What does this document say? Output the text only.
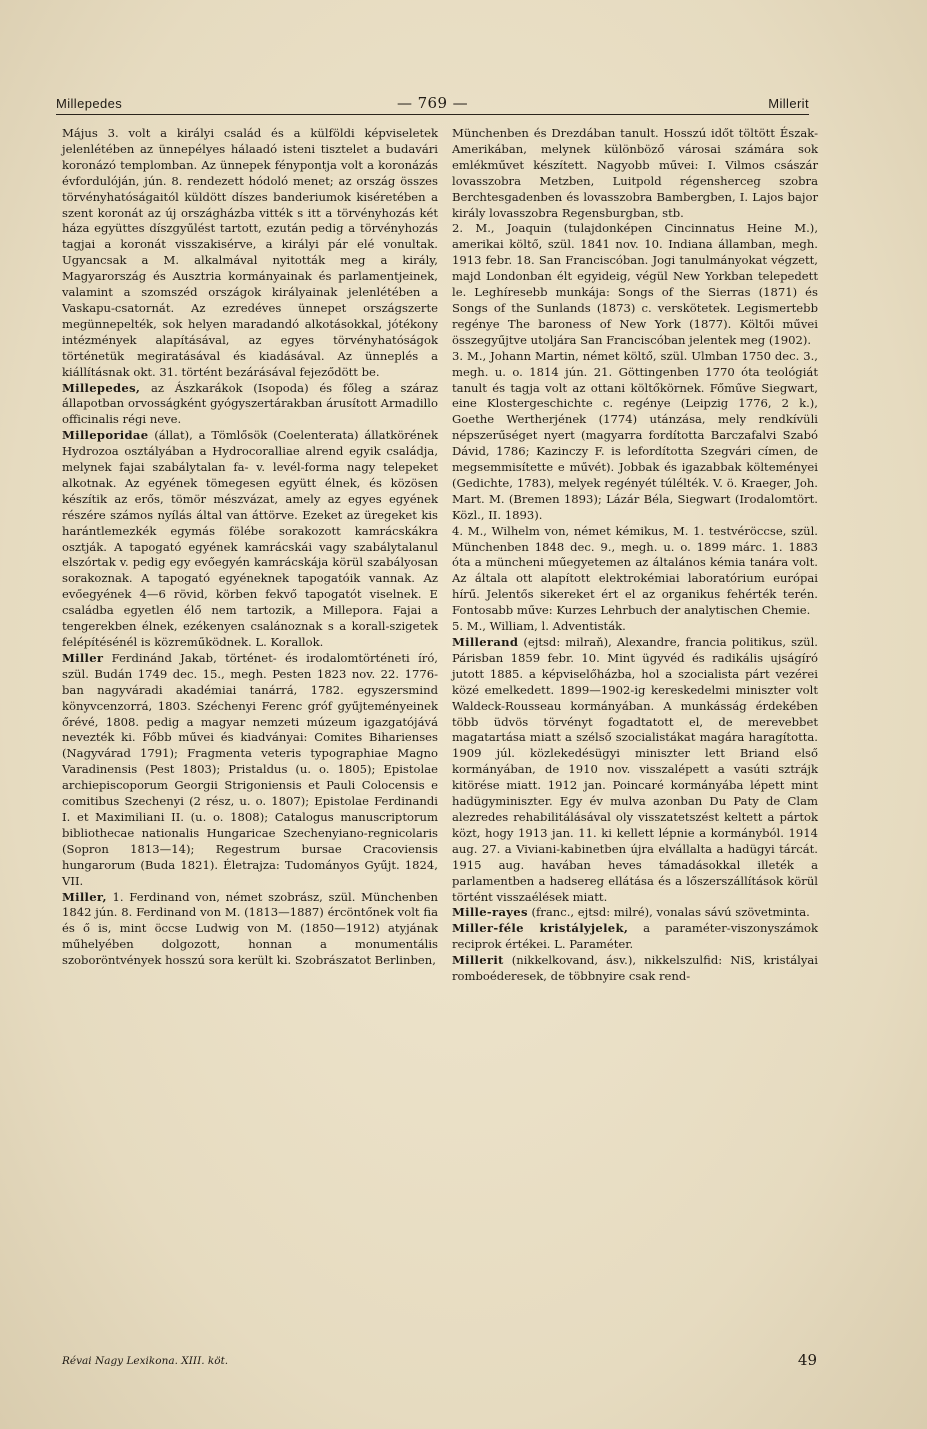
Millepedes	— 769 —	Millerit

Május 3. volt a királyi család és a külföldi képviseletek jelenlétében az ünnepélyes hálaadó isteni tisztelet a budavári koronázó templomban. Az ünnepek fénypontja volt a koronázás évfordulóján, jún. 8. rendezett hódoló menet; az ország összes törvényhatóságaitól küldött díszes banderiumok kiséretében a szent koronát az új országházba vitték s itt a törvényhozás két háza együttes díszgyűlést tartott, ezután pedig a törvényhozás tagjai a koronát visszakisérve, a királyi pár elé vonultak. Ugyancsak a M. alkalmával nyitották meg a király, Magyarország és Ausztria kormányainak és parlamentjeinek, valamint a szomszéd országok királyainak jelenlétében a Vaskapu-csatornát. Az ezredéves ünnepet országszerte megünnepelték, sok helyen maradandó alkotásokkal, jótékony intézmények alapításával, az egyes törvényhatóságok történetük megiratásával és kiadásával. Az ünneplés a kiállításnak okt. 31. történt bezárásával fejeződött be.

Millepedes, az Ászkarákok (Isopoda) és főleg a száraz állapotban orvosságként gyógyszertárakban árusított Armadillo officinalis régi neve.

Milleporidae (állat), a Tömlősök (Coelenterata) állatkörének Hydrozoa osztályában a Hydrocoralliae alrend egyik családja, melynek fajai szabálytalan fa- v. levél-forma nagy telepeket alkotnak. Az egyének tömegesen együtt élnek, és közösen készítik az erős, tömör mészvázat, amely az egyes egyének részére számos nyílás által van áttörve. Ezeket az üregeket kis harántlemezkék egymás fölébe sorakozott kamrácskákra osztják. A tapogató egyének kamrácskái vagy szabálytalanul elszórtak v. pedig egy evőegyén kamrácskája körül szabályosan sorakoznak. A tapogató egyéneknek tapogatóik vannak. Az evőegyének 4—6 rövid, körben fekvő tapogatót viselnek. E családba egyetlen élő nem tartozik, a Millepora. Fajai a tengerekben élnek, ezékenyen csalánoznak s a korall-szigetek felépítésénél is közreműködnek. L. Korallok.

Miller Ferdinánd Jakab, történet- és irodalomtörténeti író, szül. Budán 1749 dec. 15., megh. Pesten 1823 nov. 22. 1776-ban nagyváradi akadémiai tanárrá, 1782. egyszersmind könyvcenzorrá, 1803. Széchenyi Ferenc gróf gyűjteményeinek őrévé, 1808. pedig a magyar nemzeti múzeum igazgatójává nevezték ki. Főbb művei és kiadványai: Comites Biharienses (Nagyvárad 1791); Fragmenta veteris typographiae Magno Varadinensis (Pest 1803); Pristaldus (u. o. 1805); Epistolae archiepiscoporum Georgii Strigoniensis et Pauli Colocensis e comitibus Szechenyi (2 rész, u. o. 1807); Epistolae Ferdinandi I. et Maximiliani II. (u. o. 1808); Catalogus manuscriptorum bibliothecae nationalis Hungaricae Szechenyiano-regnicolaris (Sopron 1813—14); Regestrum bursae Cracoviensis hungarorum (Buda 1821). Életrajza: Tudományos Gyűjt. 1824, VII.

Miller, 1. Ferdinand von, német szobrász, szül. Münchenben 1842 jún. 8. Ferdinand von M. (1813—1887) ércöntőnek volt fia és ő is, mint öccse Ludwig von M. (1850—1912) atyjának műhelyében dolgozott, honnan a monumentális szoboröntvények hosszú sora került ki. Szobrászatot Berlinben,

Münchenben és Drezdában tanult. Hosszú időt töltött Észak-Amerikában, melynek különböző városai számára sok emlékművet készített. Nagyobb művei: I. Vilmos császár lovasszobra Metzben, Luitpold régensherceg szobra Berchtesgadenben és lovasszobra Bambergben, I. Lajos bajor király lovasszobra Regensburgban, stb.

2. M., Joaquin (tulajdonképen Cincinnatus Heine M.), amerikai költő, szül. 1841 nov. 10. Indiana államban, megh. 1913 febr. 18. San Franciscóban. Jogi tanulmányokat végzett, majd Londonban élt egyideig, végül New Yorkban telepedett le. Leghíresebb munkája: Songs of the Sierras (1871) és Songs of the Sunlands (1873) c. verskötetek. Legismertebb regénye The baroness of New York (1877). Költői művei összegyűjtve utoljára San Franciscóban jelentek meg (1902).

3. M., Johann Martin, német költő, szül. Ulmban 1750 dec. 3., megh. u. o. 1814 jún. 21. Göttingenben 1770 óta teológiát tanult és tagja volt az ottani költőkörnek. Főműve Siegwart, eine Klostergeschichte c. regénye (Leipzig 1776, 2 k.), Goethe Wertherjének (1774) utánzása, mely rendkívüli népszerűséget nyert (magyarra fordította Barczafalvi Szabó Dávid, 1786; Kazinczy F. is lefordította Szegvári címen, de megsemmisítette e művét). Jobbak és igazabbak költeményei (Gedichte, 1783), melyek regényét túlélték. V. ö. Kraeger, Joh. Mart. M. (Bremen 1893); Lázár Béla, Siegwart (Irodalomtört. Közl., II. 1893).

4. M., Wilhelm von, német kémikus, M. 1. testvéröccse, szül. Münchenben 1848 dec. 9., megh. u. o. 1899 márc. 1. 1883 óta a müncheni műegyetemen az általános kémia tanára volt. Az általa ott alapított elektrokémiai laboratórium európai hírű. Jelentős sikereket ért el az organikus fehérték terén. Fontosabb műve: Kurzes Lehrbuch der analytischen Chemie.

5. M., William, l. Adventisták.

Millerand (ejtsd: milraň), Alexandre, francia politikus, szül. Párisban 1859 febr. 10. Mint ügyvéd és radikális ujságíró jutott 1885. a képviselőházba, hol a szocialista párt vezérei közé emelkedett. 1899—1902-ig kereskedelmi miniszter volt Waldeck-Rousseau kormányában. A munkásság érdekében több üdvös törvényt fogadtatott el, de merevebbet magatartása miatt a szélső szocialistákat magára haragította. 1909 júl. közlekedésügyi miniszter lett Briand első kormányában, de 1910 nov. visszalépett a vasúti sztrájk kitörése miatt. 1912 jan. Poincaré kormányába lépett mint hadügyminiszter. Egy év mulva azonban Du Paty de Clam alezredes rehabilitálásával oly visszatetszést keltett a pártok közt, hogy 1913 jan. 11. ki kellett lépnie a kormányból. 1914 aug. 27. a Viviani-kabinetben újra elvállalta a hadügyi tárcát. 1915 aug. havában heves támadásokkal illeték a parlamentben a hadsereg ellátása és a lőszerszállítások körül történt visszaélések miatt.

Mille-rayes (franc., ejtsd: milré), vonalas sávú szövetminta.

Miller-féle kristályjelek, a paraméter-viszonyszámok reciprok értékei. L. Paraméter.

Millerit (nikkelkovand, ásv.), nikkelszulfid: NiS, kristályai romboéderesek, de többnyire csak rend-

Révai Nagy Lexikona. XIII. köt.	49
